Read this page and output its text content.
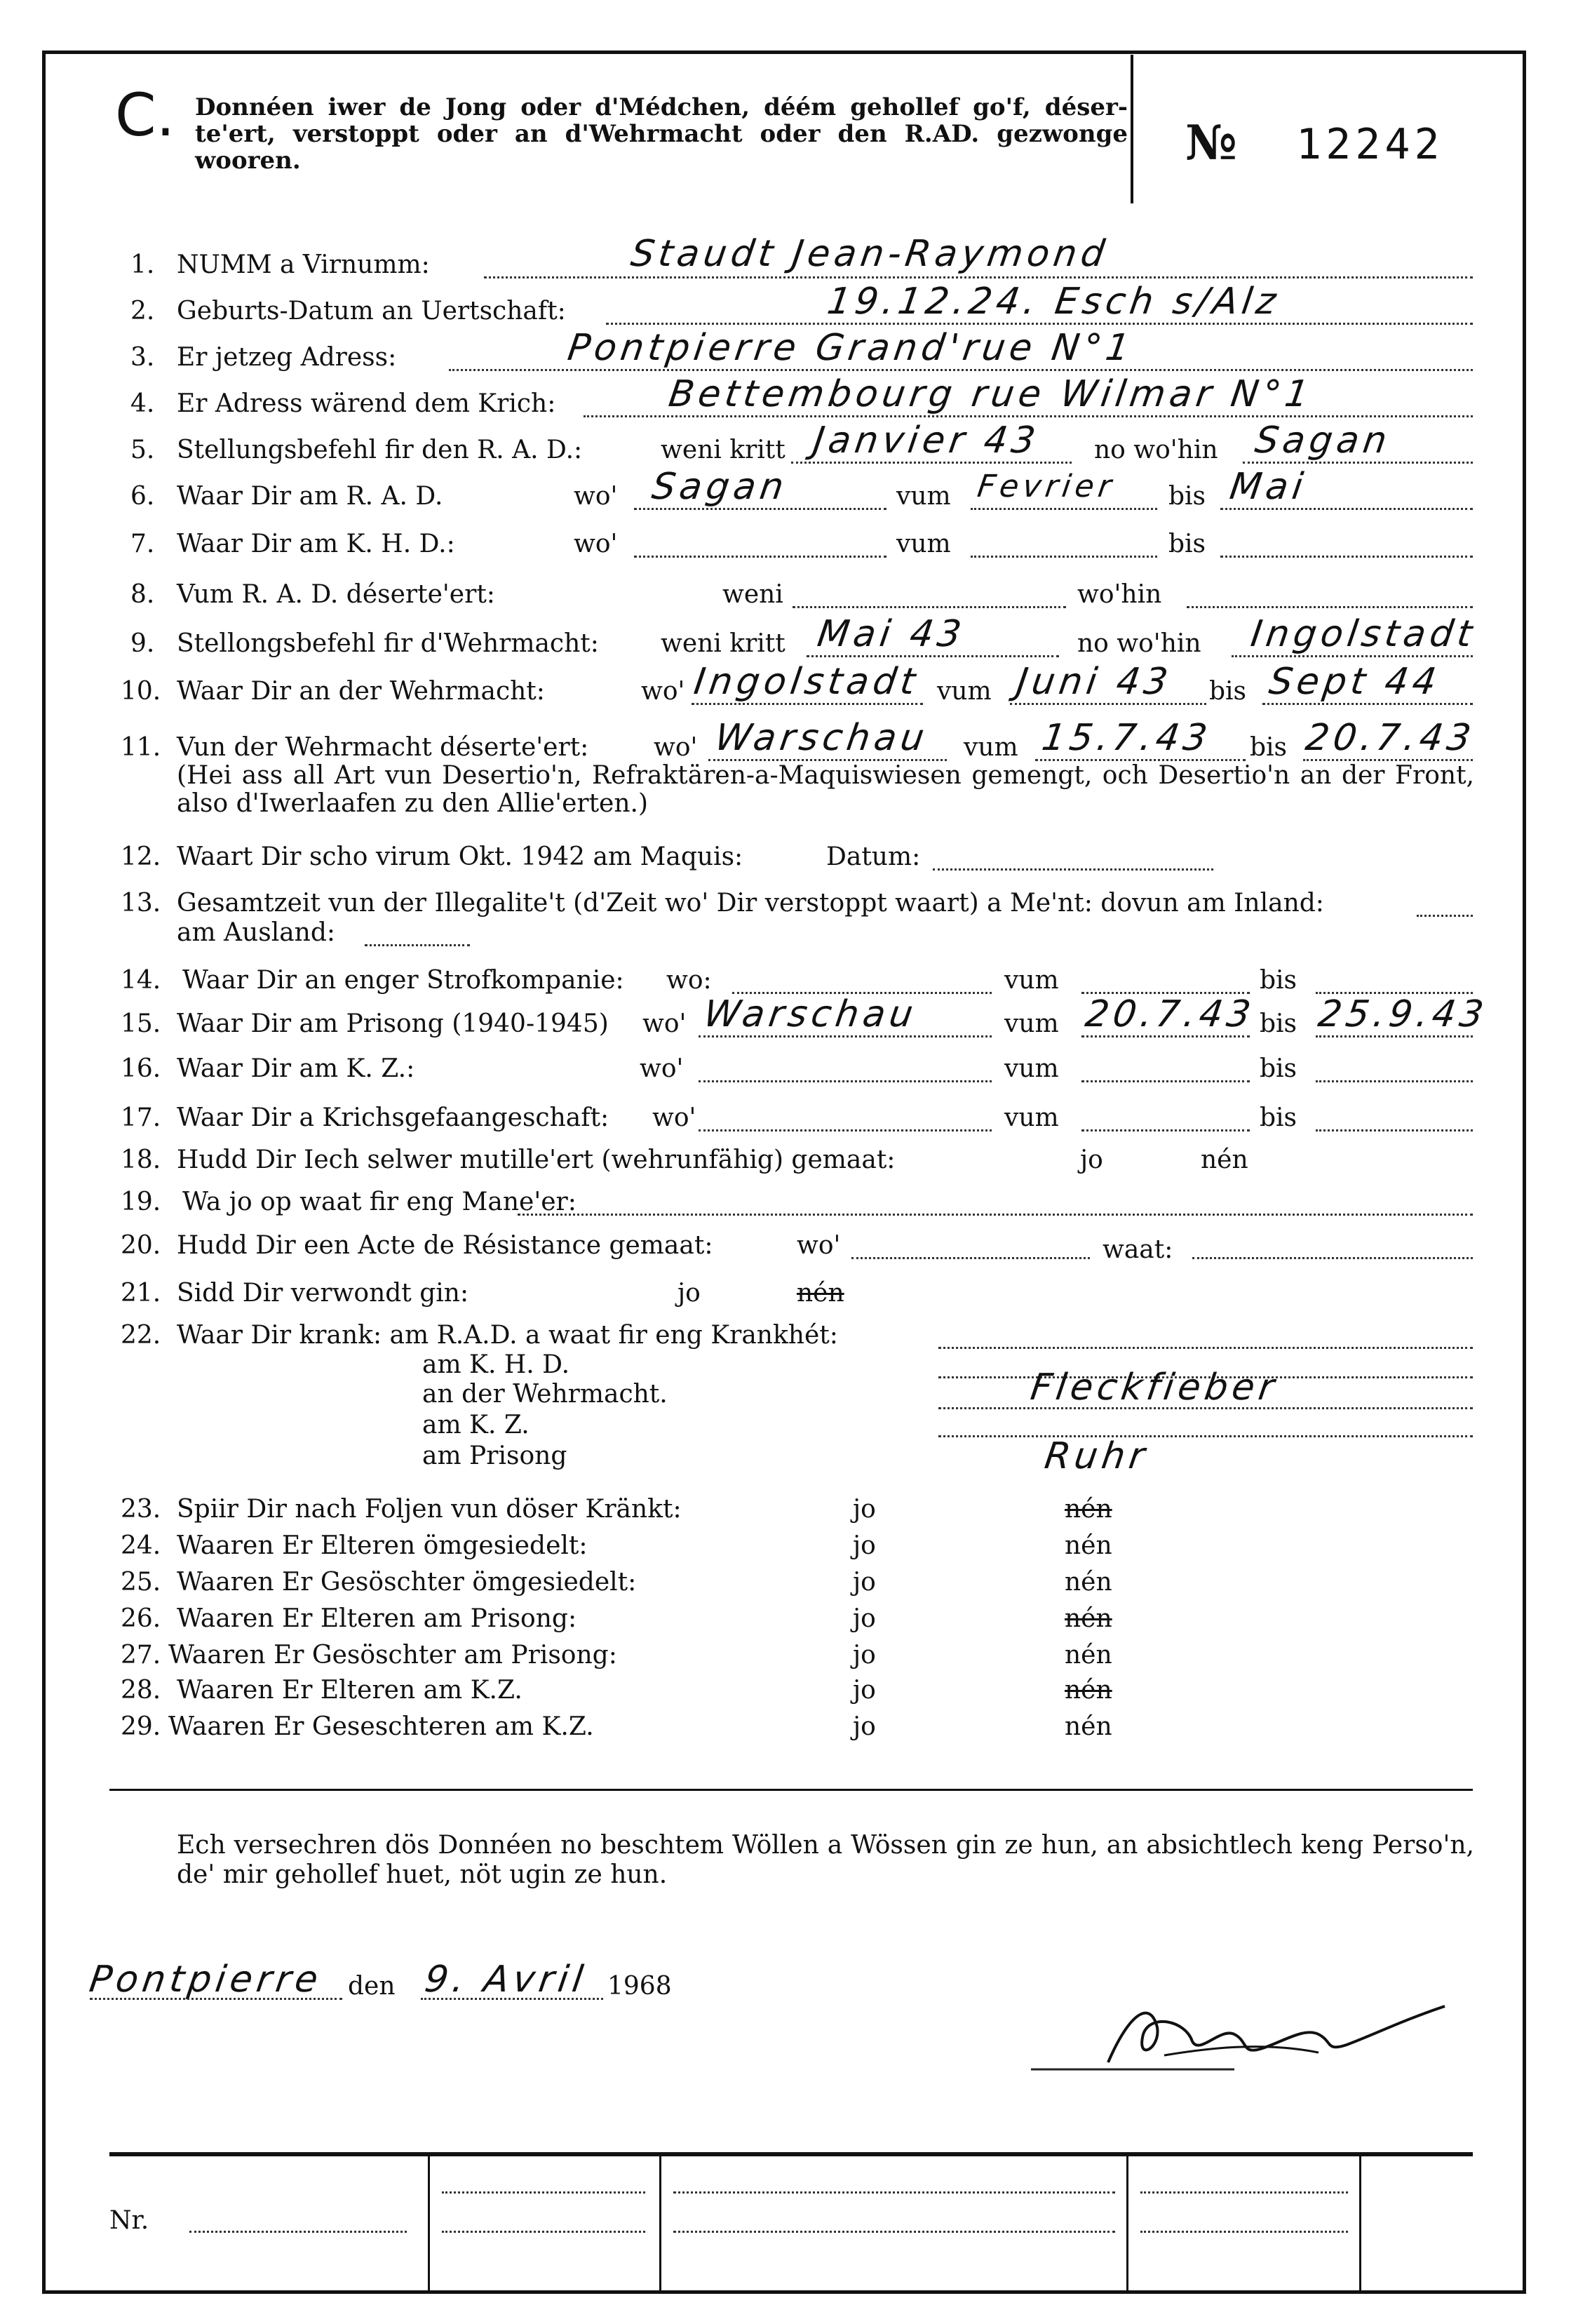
C. Donnéen iwer de Jong oder d'Médchen, déém gehollef go'f, déser-te'ert, verstoppt oder an d'Wehrmacht oder den R.AD. gezwonge wooren.	№ 12242
1. NUMM a Virnumm:	Staudt Jean-Raymond
2. Geburts-Datum an Uertschaft:	19.12.24. Esch s/Alz
3. Er jetzeg Adress:	Pontpierre Grand'rue N°1
4. Er Adress wärend dem Krich:	Bettembourg rue Wilmar N°1
5. Stellungsbefehl fir den R. A. D.:	weni kritt Janvier 43 no wo'hin Sagan
6. Waar Dir am R. A. D.	wo' Sagan	vum Fevrier bis Mai
7. Waar Dir am K. H. D.:	wo'	vum	bis
8. Vum R. A. D. déserte'ert:	weni	wo'hin
9. Stellongsbefehl fir d'Wehrmacht: weni kritt Mai 43	no wo'hin Ingolstadt
10. Waar Dir an der Wehrmacht:	wo' Ingolstadt vum Juni 43 bis Sept 44
11. Vun der Wehrmacht déserte'ert:	wo' Warschau vum 15.7.43 bis 20.7.43
(Hei ass all Art vun Desertio'n, Refraktären-a-Maquiswiesen gemengt, och Desertio'n an der Front, also d'Iwerlaafen zu den Allie'erten.)
12. Waart Dir scho virum Okt. 1942 am Maquis:	Datum:
13. Gesamtzeit vun der Illegalite't (d'Zeit wo' Dir verstoppt waart) a Me'nt: dovun am Inland:
am Ausland:
14. Waar Dir an enger Strofkompanie: wo:	vum	bis
15. Waar Dir am Prisong (1940-1945) wo' Warschau	vum 20.7.43 bis 25.9.43
16. Waar Dir am K. Z.:	wo'	vum	bis
17. Waar Dir a Krichsgefaangeschaft: wo'	vum	bis
18. Hudd Dir Iech selwer mutille'ert (wehrunfähig) gemaat:	jo	nén
19. Wa jo op waat fir eng Mane'er:
20. Hudd Dir een Acte de Résistance gemaat:	wo'	waat:
21. Sidd Dir verwondt gin:	jo	nén
22. Waar Dir krank: am R.A.D. a waat fir eng Krankhét:
am K. H. D.
an der Wehrmacht.	Fleckfieber
am K. Z.
am Prisong	Ruhr
23. Spiir Dir nach Foljen vun döser Kränkt:	jo	nén
24. Waaren Er Elteren ömgesiedelt:	jo	nén
25. Waaren Er Gesöschter ömgesiedelt:	jo	nén
26. Waaren Er Elteren am Prisong:	jo	nén
27. Waaren Er Gesöschter am Prisong:	jo	nén
28. Waaren Er Elteren am K.Z.	jo	nén
29. Waaren Er Geseschteren am K.Z.	jo	nén
Ech versechren dös Donnéen no beschtem Wöllen a Wössen gin ze hun, an absichtlech keng Perso'n, de' mir gehollef huet, nöt ugin ze hun.
Pontpierre den 9. Avril 1968
Nr.
